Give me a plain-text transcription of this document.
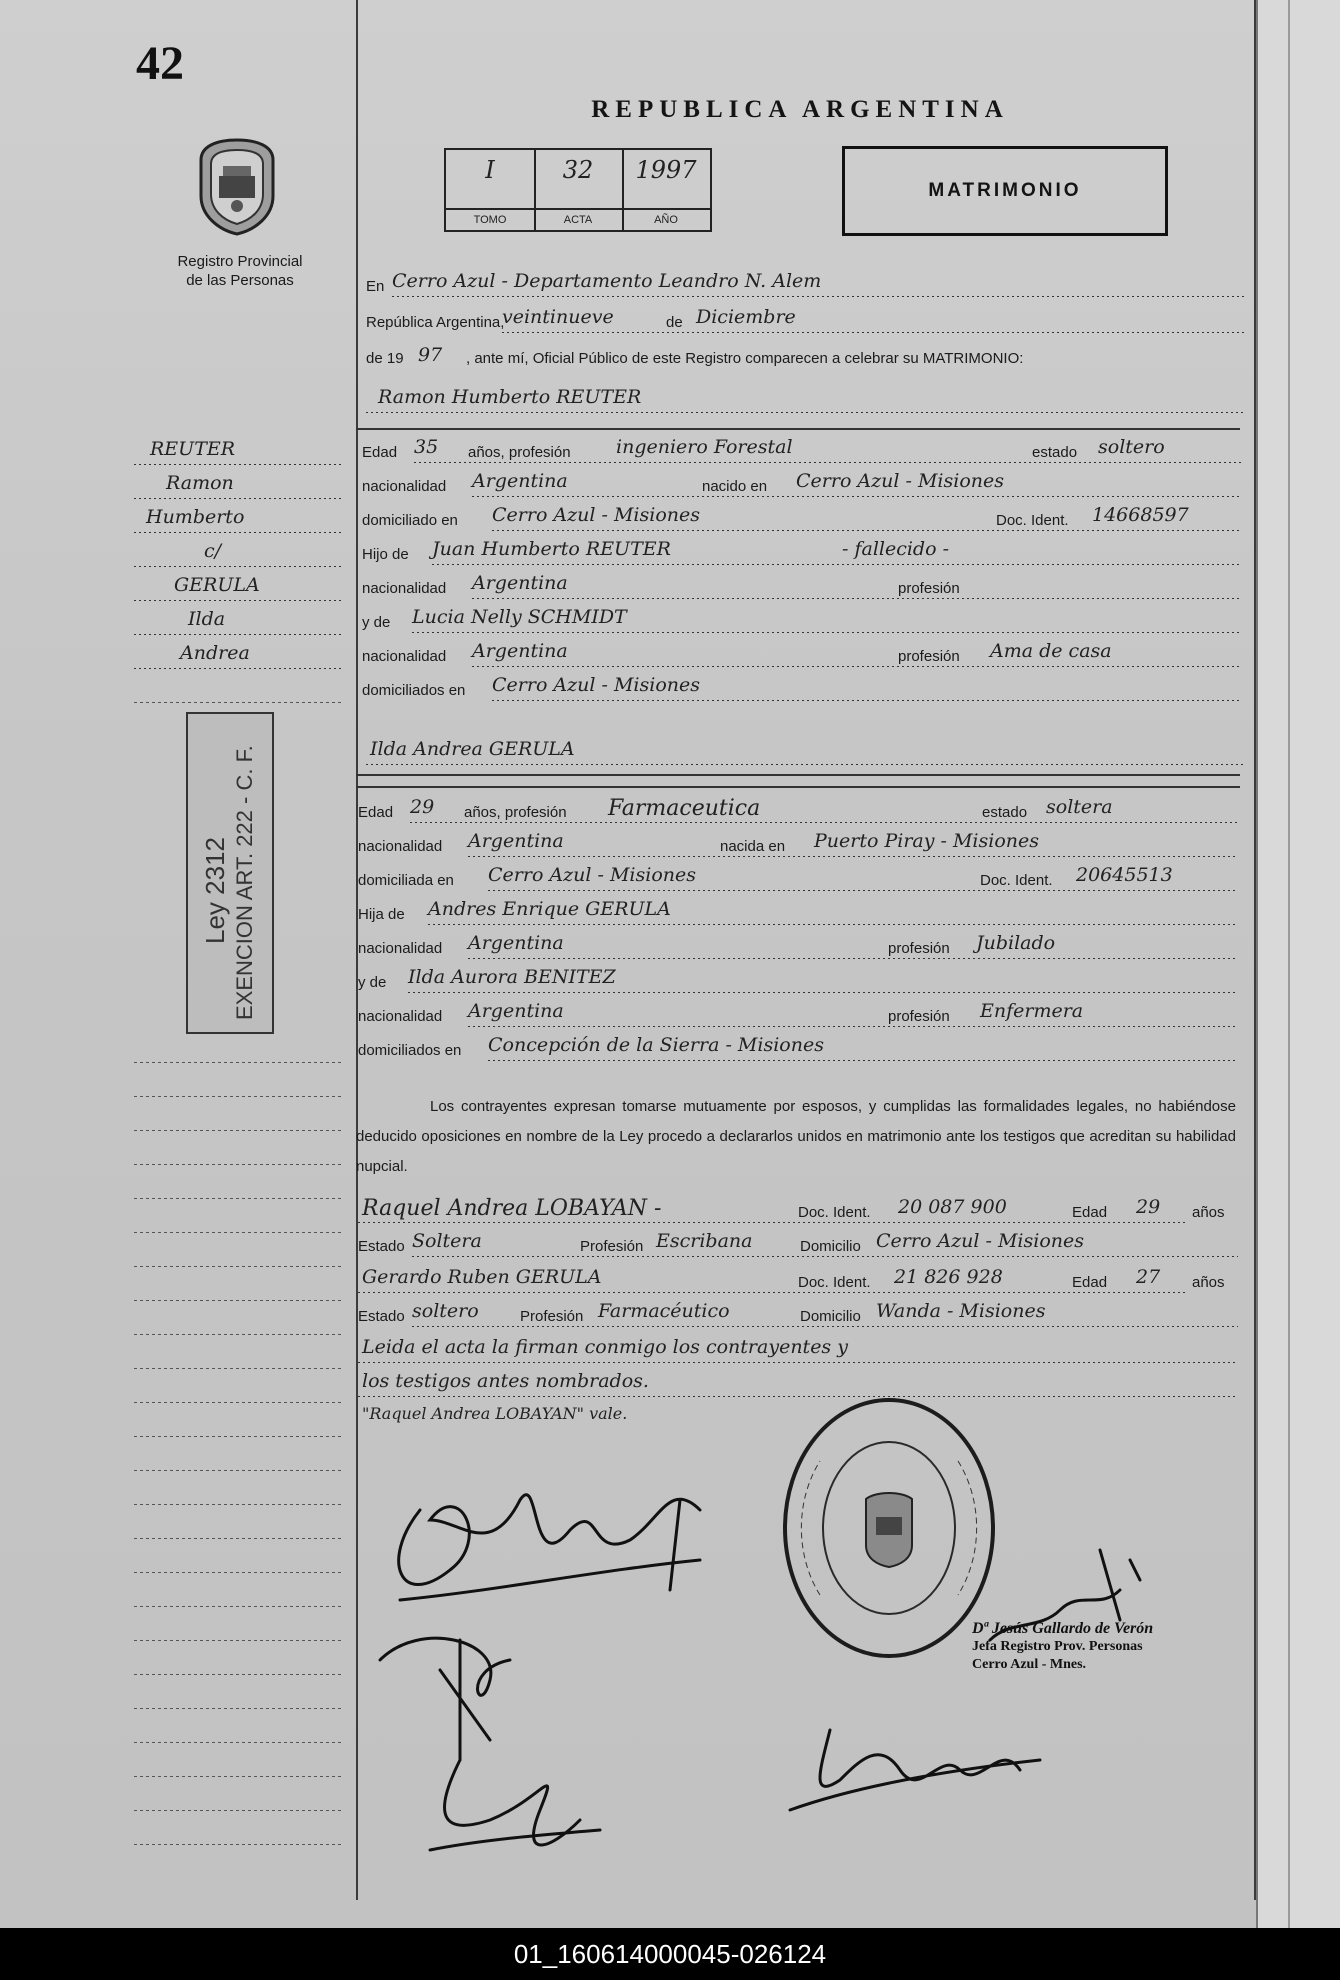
42
Registro Provincial
de las Personas
REPUBLICA ARGENTINA
I
TOMO
32
ACTA
1997
AÑO
MATRIMONIO
En Cerro Azul - Departamento Leandro N. Alem
República Argentina,
veintinueve	de Diciembre
de 19 97 , ante mí, Oficial Público de este Registro comparecen a celebrar su MATRIMONIO:
Ramon Humberto REUTER
Edad 35 años, profesión ingeniero Forestal	estado soltero
nacionalidad Argentina	nacido en Cerro Azul - Misiones
domiciliado en Cerro Azul - Misiones	Doc. Ident. 14668597
Hijo de Juan Humberto REUTER	- fallecido -
nacionalidad Argentina	profesión
y de Lucia Nelly SCHMIDT
nacionalidad Argentina	profesión Ama de casa
domiciliados en Cerro Azul - Misiones
Ilda Andrea GERULA
Edad 29 años, profesión Farmaceutica	estado soltera
nacionalidad Argentina	nacida en Puerto Piray - Misiones
domiciliada en Cerro Azul - Misiones	Doc. Ident. 20645513
Hija de Andres Enrique GERULA
nacionalidad Argentina	profesión Jubilado
y de Ilda Aurora BENITEZ
nacionalidad Argentina	profesión Enfermera
domiciliados en Concepción de la Sierra - Misiones
Los contrayentes expresan tomarse mutuamente por esposos, y cumplidas las formalidades legales, no habiéndose deducido oposiciones en nombre de la Ley procedo a declararlos unidos en matrimonio ante los testigos que acreditan su habilidad nupcial.
Raquel Andrea LOBAYAN -	Doc. Ident. 20 087 900	Edad 29 años
Estado Soltera	Profesión Escribana	Domicilio Cerro Azul - Misiones
Gerardo Ruben GERULA	Doc. Ident. 21 826 928	Edad 27 años
Estado soltero	Profesión Farmacéutico	Domicilio Wanda - Misiones
Leida el acta la firman conmigo los contrayentes y
los testigos antes nombrados.
"Raquel Andrea LOBAYAN" vale.
REUTER
Ramon
Humberto
c/
GERULA
Ilda
Andrea
Ley 2312 EXENCION ART. 222 - C. F.
Dª Jesús Gallardo de Verón
Jefa Registro Prov. Personas
Cerro Azul - Mnes.
01_160614000045-026124
